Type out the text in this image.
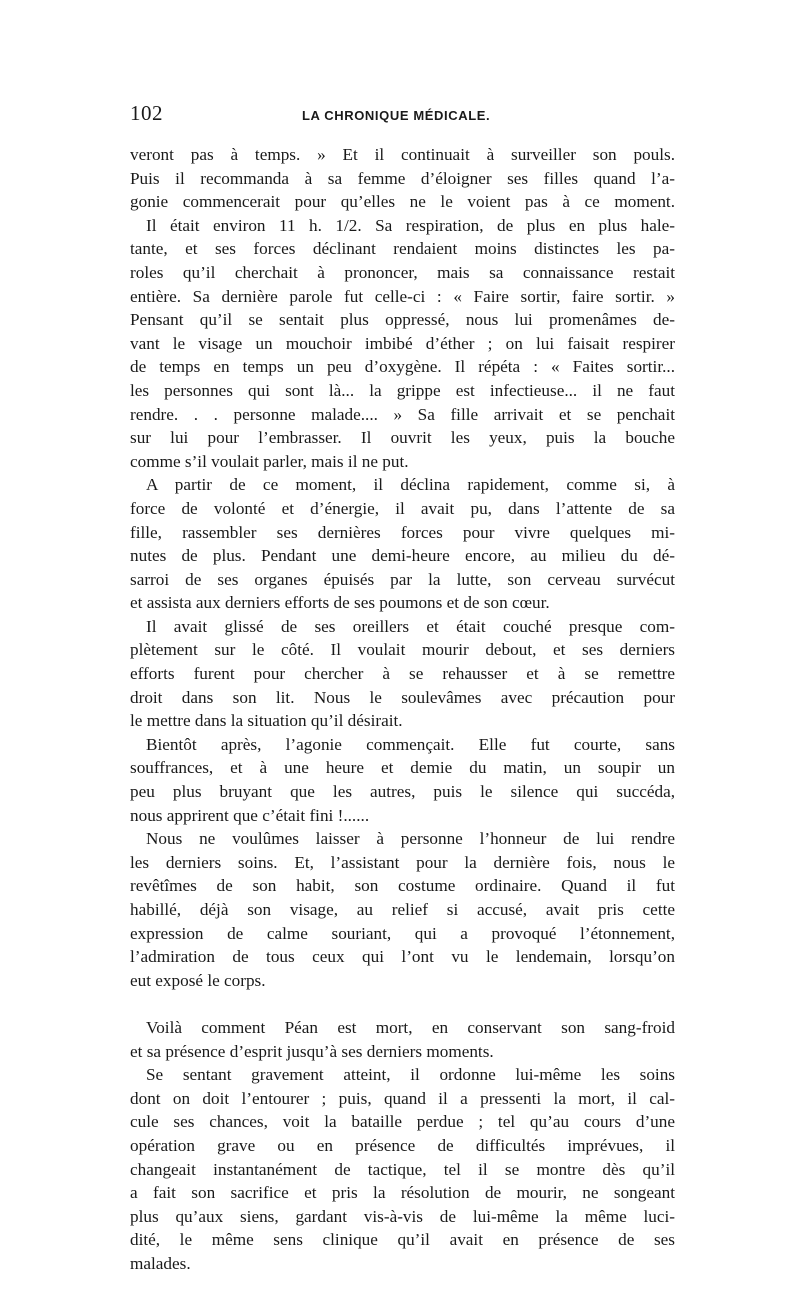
102	LA CHRONIQUE MÉDICALE.
veront pas à temps. » Et il continuait à surveiller son pouls.
Puis il recommanda à sa femme d’éloigner ses filles quand l’a-
gonie commencerait pour qu’elles ne le voient pas à ce moment.
Il était environ 11 h. 1/2. Sa respiration, de plus en plus hale-
tante, et ses forces déclinant rendaient moins distinctes les pa-
roles qu’il cherchait à prononcer, mais sa connaissance restait
entière. Sa dernière parole fut celle-ci : « Faire sortir, faire sortir. »
Pensant qu’il se sentait plus oppressé, nous lui promenâmes de-
vant le visage un mouchoir imbibé d’éther ; on lui faisait respirer
de temps en temps un peu d’oxygène. Il répéta : « Faites sortir...
les personnes qui sont là... la grippe est infectieuse... il ne faut
rendre. . . personne malade.... » Sa fille arrivait et se penchait
sur lui pour l’embrasser. Il ouvrit les yeux, puis la bouche
comme s’il voulait parler, mais il ne put.
A partir de ce moment, il déclina rapidement, comme si, à
force de volonté et d’énergie, il avait pu, dans l’attente de sa
fille, rassembler ses dernières forces pour vivre quelques mi-
nutes de plus. Pendant une demi-heure encore, au milieu du dé-
sarroi de ses organes épuisés par la lutte, son cerveau survécut
et assista aux derniers efforts de ses poumons et de son cœur.
Il avait glissé de ses oreillers et était couché presque com-
plètement sur le côté. Il voulait mourir debout, et ses derniers
efforts furent pour chercher à se rehausser et à se remettre
droit dans son lit. Nous le soulevâmes avec précaution pour
le mettre dans la situation qu’il désirait.
Bientôt après, l’agonie commençait. Elle fut courte, sans
souffrances, et à une heure et demie du matin, un soupir un
peu plus bruyant que les autres, puis le silence qui succéda,
nous apprirent que c’était fini !......
Nous ne voulûmes laisser à personne l’honneur de lui rendre
les derniers soins. Et, l’assistant pour la dernière fois, nous le
revêtîmes de son habit, son costume ordinaire. Quand il fut
habillé, déjà son visage, au relief si accusé, avait pris cette
expression de calme souriant, qui a provoqué l’étonnement,
l’admiration de tous ceux qui l’ont vu le lendemain, lorsqu’on
eut exposé le corps.
Voilà comment Péan est mort, en conservant son sang-froid
et sa présence d’esprit jusqu’à ses derniers moments.
Se sentant gravement atteint, il ordonne lui-même les soins
dont on doit l’entourer ; puis, quand il a pressenti la mort, il cal-
cule ses chances, voit la bataille perdue ; tel qu’au cours d’une
opération grave ou en présence de difficultés imprévues, il
changeait instantanément de tactique, tel il se montre dès qu’il
a fait son sacrifice et pris la résolution de mourir, ne songeant
plus qu’aux siens, gardant vis-à-vis de lui-même la même luci-
dité, le même sens clinique qu’il avait en présence de ses
malades.
